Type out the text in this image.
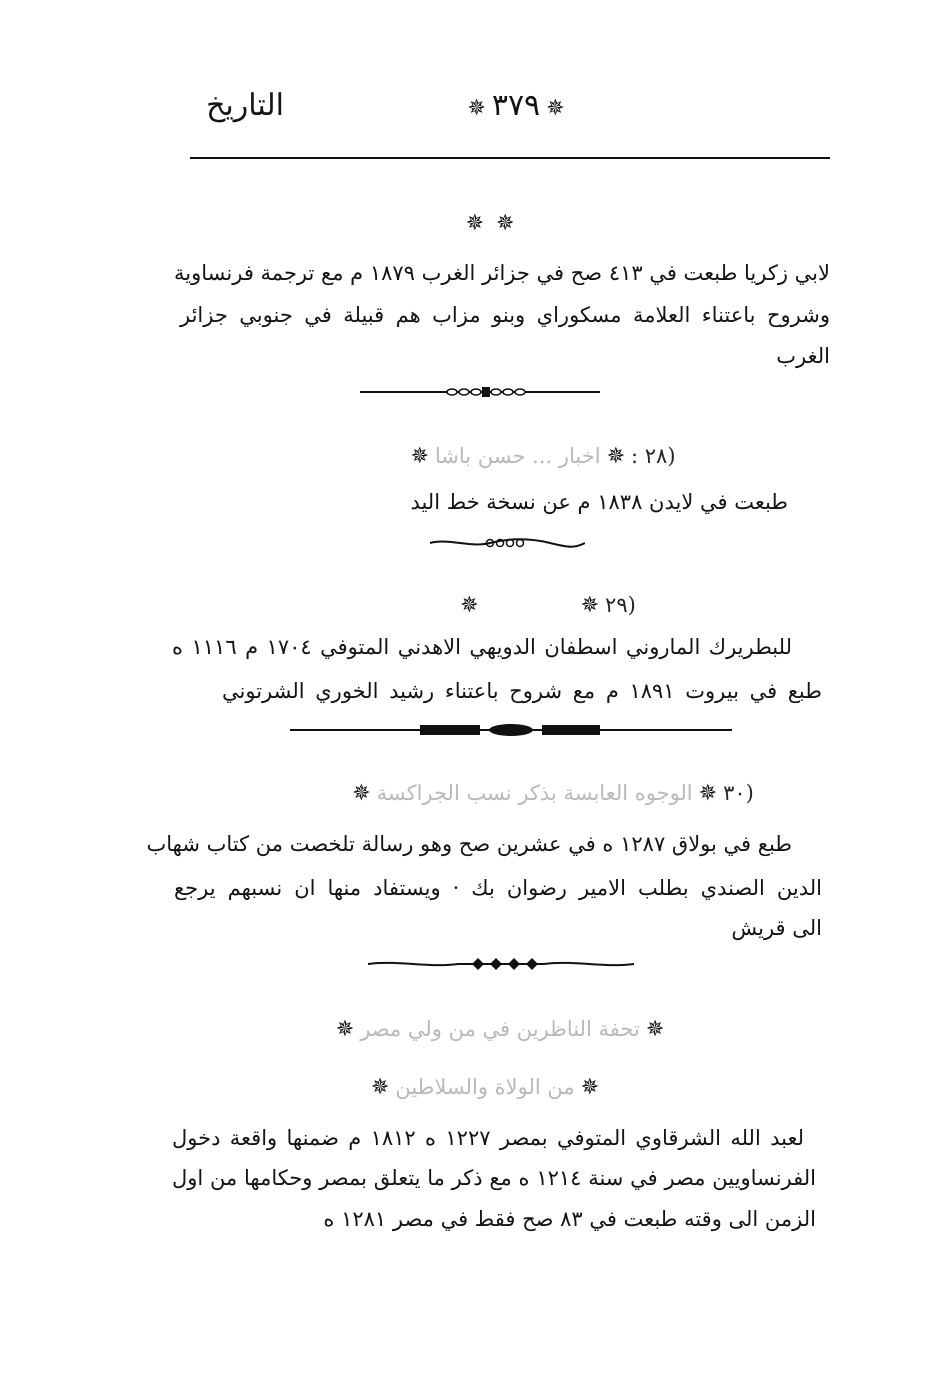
التاريخ	✵٣٧٩✵
✵✵
لابي زكريا طبعت في ٤١٣ صح في جزائر الغرب ١٨٧٩ م مع ترجمة فرنساوية
وشروح باعتناء العلامة مسكوراي وبنو مزاب هم قبيلة في جنوبي جزائر
الغرب
(٢٨ :✵اخبار ... حسن باشا✵
طبعت في لايدن ١٨٣٨ م عن نسخة خط اليد
(٢٩✵✵
للبطريرك الماروني اسطفان الدويهي الاهدني المتوفي ١٧٠٤ م ١١١٦ ه
طبع في بيروت ١٨٩١ م مع شروح باعتناء رشيد الخوري الشرتوني
(٣٠✵الوجوه العابسة بذكر نسب الجراكسة✵
طبع في بولاق ١٢٨٧ ه في عشرين صح وهو رسالة تلخصت من كتاب شهاب
الدين الصندي بطلب الامير رضوان بك · ويستفاد منها ان نسبهم يرجع
الى قريش
✵تحفة الناظرين في من ولي مصر✵
✵من الولاة والسلاطين✵
لعبد الله الشرقاوي المتوفي بمصر ١٢٢٧ ه ١٨١٢ م ضمنها واقعة دخول
الفرنساويين مصر في سنة ١٢١٤ ه مع ذكر ما يتعلق بمصر وحكامها من اول
الزمن الى وقته طبعت في ٨٣ صح فقط في مصر ١٢٨١ ه
